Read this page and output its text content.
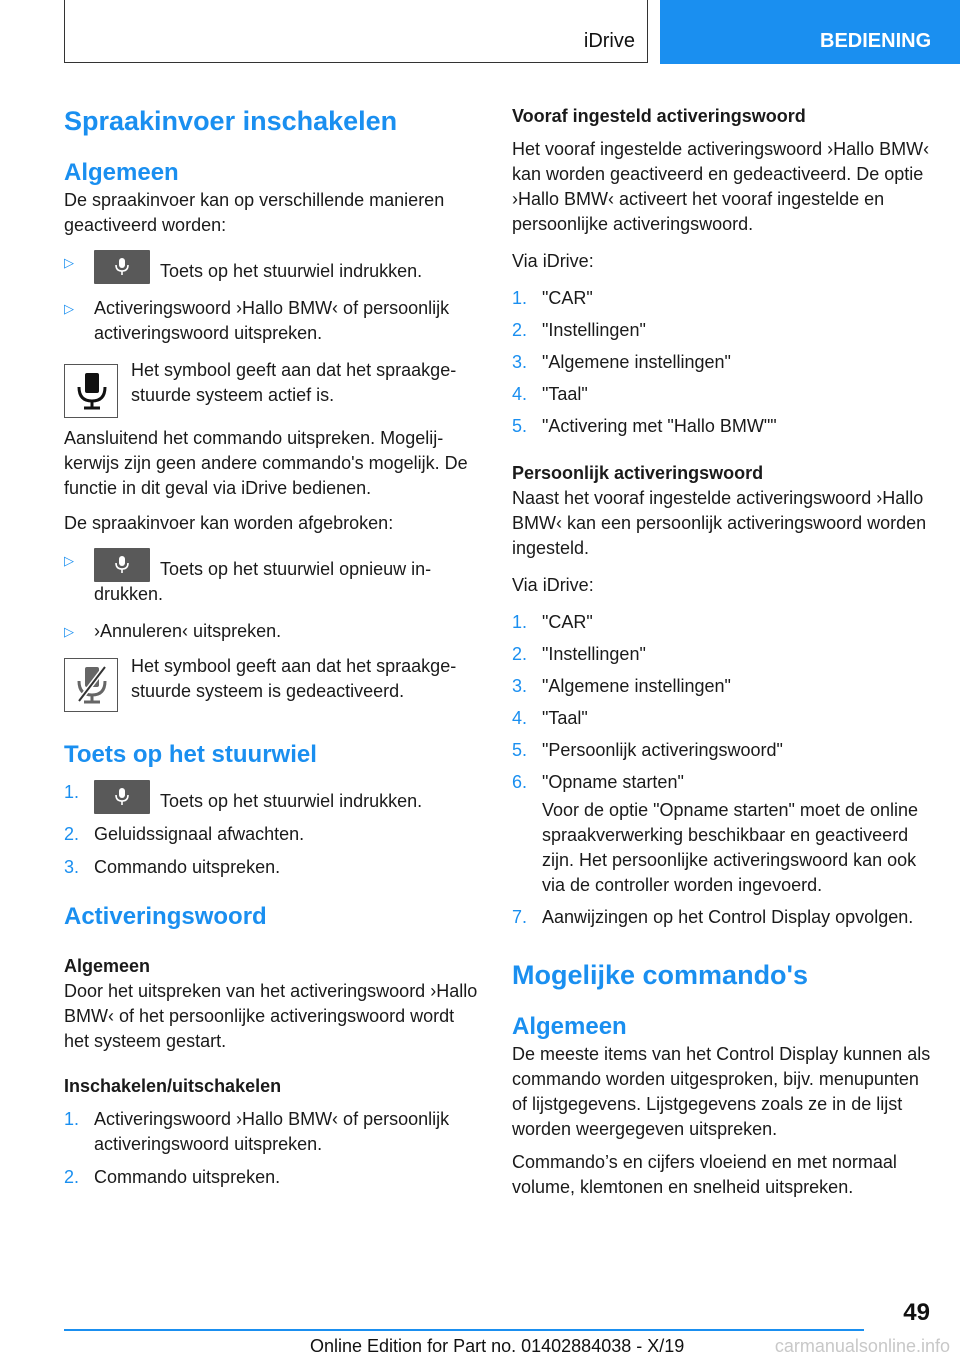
iDrive	BEDIENING
Spraakinvoer inschakelen
Algemeen

De spraakinvoer kan op verschillende manieren geactiveerd worden:

▷	Toets op het stuurwiel indrukken.
▷ Activeringswoord ›Hallo BMW‹ of persoonlijk activeringswoord uitspreken.

Het symbool geeft aan dat het spraakgestuurde systeem actief is.

Aansluitend het commando uitspreken. Mogelijkerwijs zijn geen andere commando's mogelijk. De functie in dit geval via iDrive bedienen.

De spraakinvoer kan worden afgebroken:

▷	Toets op het stuurwiel opnieuw indrukken.
▷ ›Annuleren‹ uitspreken.

Het symbool geeft aan dat het spraakgestuurde systeem is gedeactiveerd.

Toets op het stuurwiel
1.	Toets op het stuurwiel indrukken.
2. Geluidssignaal afwachten.
3. Commando uitspreken.
Activeringswoord
Algemeen

Door het uitspreken van het activeringswoord ›Hallo BMW‹ of het persoonlijke activeringswoord wordt het systeem gestart.

Inschakelen/uitschakelen
1. Activeringswoord ›Hallo BMW‹ of persoonlijk activeringswoord uitspreken.
2. Commando uitspreken.
Vooraf ingesteld activeringswoord

Het vooraf ingestelde activeringswoord ›Hallo BMW‹ kan worden geactiveerd en gedeactiveerd. De optie ›Hallo BMW‹ activeert het vooraf ingestelde en persoonlijke activeringswoord.

Via iDrive:

1. "CAR"
2. "Instellingen"
3. "Algemene instellingen"
4. "Taal"
5. "Activering met "Hallo BMW""
Persoonlijk activeringswoord

Naast het vooraf ingestelde activeringswoord ›Hallo BMW‹ kan een persoonlijk activeringswoord worden ingesteld.

Via iDrive:

1. "CAR"
2. "Instellingen"
3. "Algemene instellingen"
4. "Taal"
5. "Persoonlijk activeringswoord"
6. "Opname starten"

Voor de optie "Opname starten" moet de online spraakverwerking beschikbaar en geactiveerd zijn. Het persoonlijke activeringswoord kan ook via de controller worden ingevoerd.

7. Aanwijzingen op het Control Display opvolgen.
Mogelijke commando's
Algemeen

De meeste items van het Control Display kunnen als commando worden uitgesproken, bijv. menupunten of lijstgegevens. Lijstgegevens zoals ze in de lijst worden weergegeven uitspreken.

Commando’s en cijfers vloeiend en met normaal volume, klemtonen en snelheid uitspreken.

49
Online Edition for Part no. 01402884038 - X/19	carmanualsonline.info
